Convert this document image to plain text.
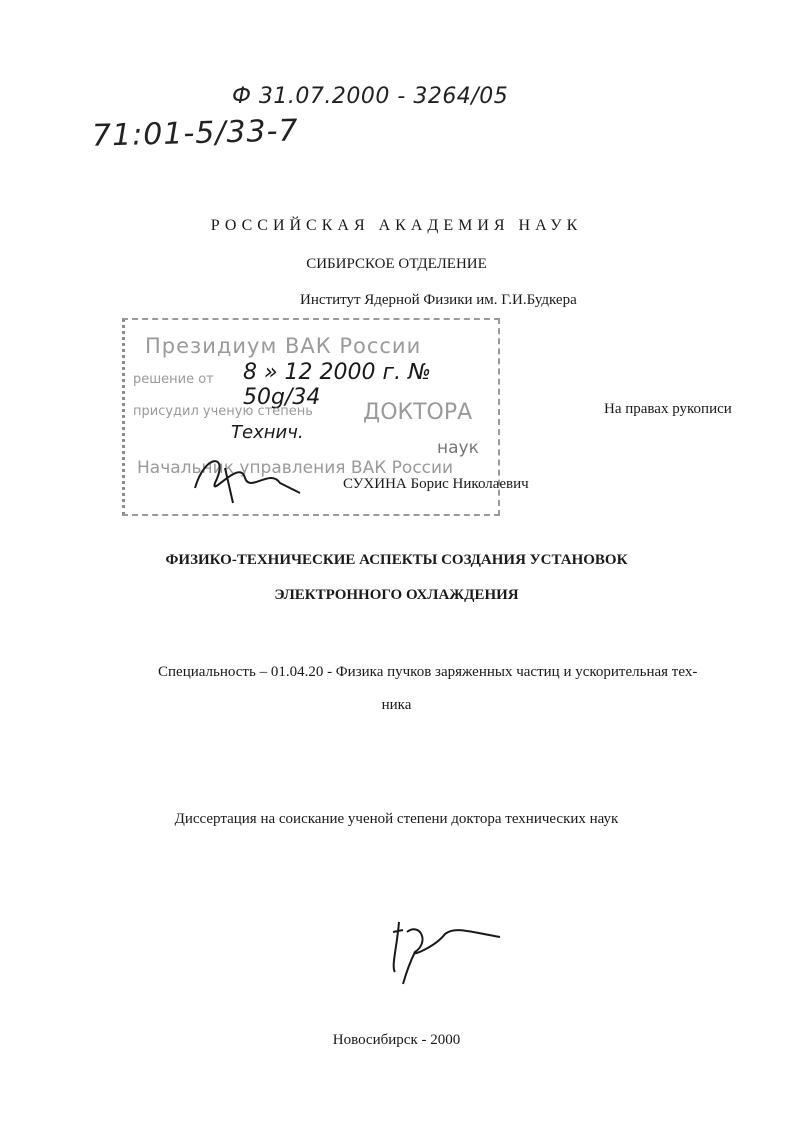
Ф 31.07.2000 - 3264/05
71:01-5/33-7
РОССИЙСКАЯ АКАДЕМИЯ НАУК
СИБИРСКОЕ ОТДЕЛЕНИЕ
Институт Ядерной Физики им. Г.И.Будкера
Президиум ВАК России
решение от 8 » 12 2000 г. № 50g/34
присудил ученую степень ДОКТОРА
Технич.
наук
Начальник управления ВАК России
На правах рукописи
СУХИНА Борис Николаевич
ФИЗИКО-ТЕХНИЧЕСКИЕ АСПЕКТЫ СОЗДАНИЯ УСТАНОВОК
ЭЛЕКТРОННОГО ОХЛАЖДЕНИЯ
Специальность – 01.04.20 - Физика пучков заряженных частиц и ускорительная тех-
ника
Диссертация на соискание ученой степени доктора технических наук
Новосибирск - 2000
